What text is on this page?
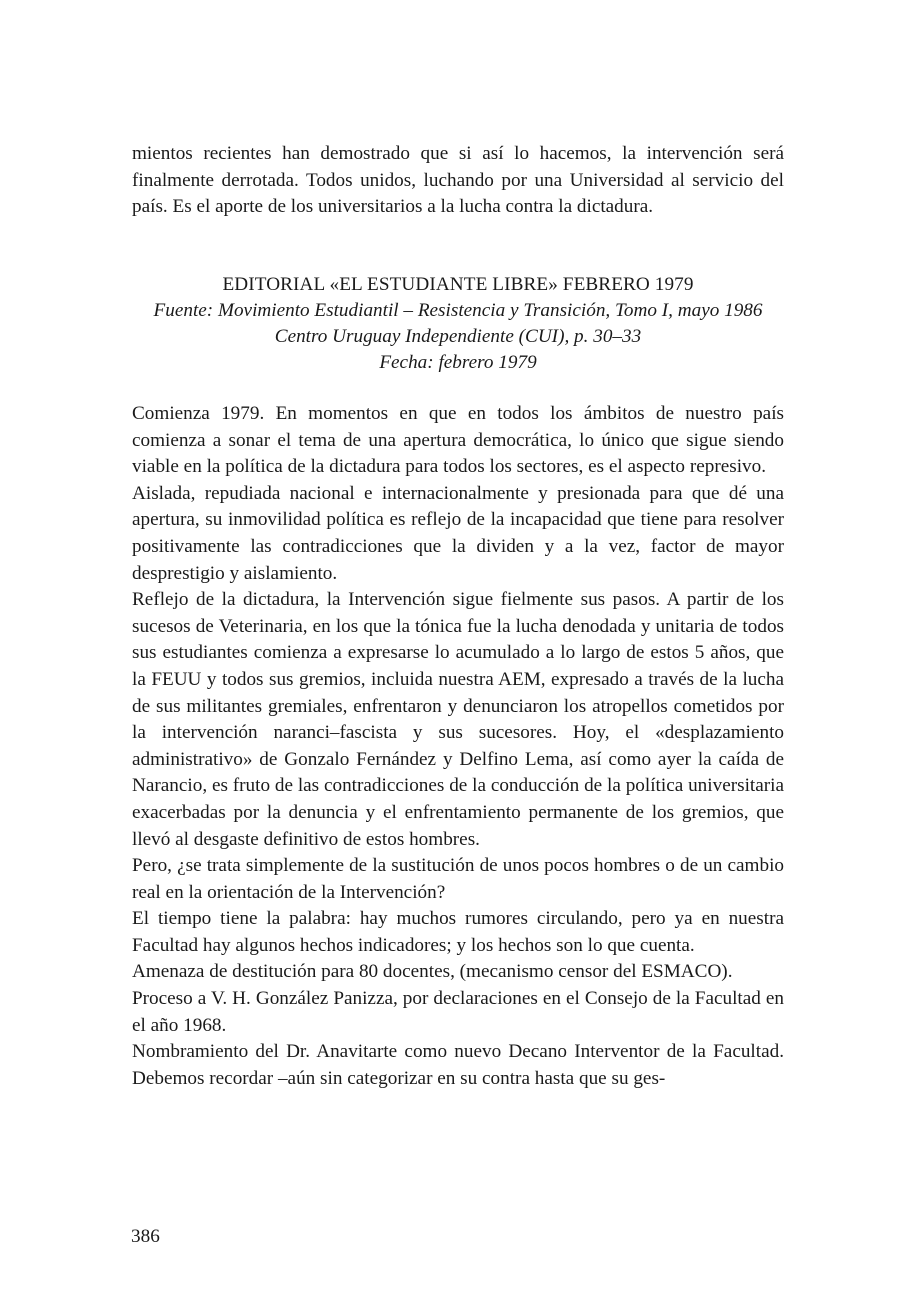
mientos recientes han demostrado que si así lo hacemos, la intervención será finalmente derrotada. Todos unidos, luchando por una Universidad al servicio del país. Es el aporte de los universitarios a la lucha contra la dictadura.

EDITORIAL «EL ESTUDIANTE LIBRE» FEBRERO 1979
Fuente: Movimiento Estudiantil – Resistencia y Transición, Tomo I, mayo 1986
Centro Uruguay Independiente (CUI), p. 30–33
Fecha: febrero 1979

Comienza 1979. En momentos en que en todos los ámbitos de nuestro país comienza a sonar el tema de una apertura democrática, lo único que sigue siendo viable en la política de la dictadura para todos los sectores, es el aspecto represivo.

Aislada, repudiada nacional e internacionalmente y presionada para que dé una apertura, su inmovilidad política es reflejo de la incapacidad que tiene para resolver positivamente las contradicciones que la dividen y a la vez, factor de mayor desprestigio y aislamiento.

Reflejo de la dictadura, la Intervención sigue fielmente sus pasos. A partir de los sucesos de Veterinaria, en los que la tónica fue la lucha denodada y unitaria de todos sus estudiantes comienza a expresarse lo acumulado a lo largo de estos 5 años, que la FEUU y todos sus gremios, incluida nuestra AEM, expresado a través de la lucha de sus militantes gremiales, enfrentaron y denunciaron los atropellos cometidos por la intervención naranci–fascista y sus sucesores. Hoy, el «desplazamiento administrativo» de Gonzalo Fernández y Delfino Lema, así como ayer la caída de Narancio, es fruto de las contradicciones de la conducción de la política universitaria exacerbadas por la denuncia y el enfrentamiento permanente de los gremios, que llevó al desgaste definitivo de estos hombres.

Pero, ¿se trata simplemente de la sustitución de unos pocos hombres o de un cambio real en la orientación de la Intervención?

El tiempo tiene la palabra: hay muchos rumores circulando, pero ya en nuestra Facultad hay algunos hechos indicadores; y los hechos son lo que cuenta.

Amenaza de destitución para 80 docentes, (mecanismo censor del ESMACO).

Proceso a V. H. González Panizza, por declaraciones en el Consejo de la Facultad en el año 1968.

Nombramiento del Dr. Anavitarte como nuevo Decano Interventor de la Facultad. Debemos recordar –aún sin categorizar en su contra hasta que su ges-

386
